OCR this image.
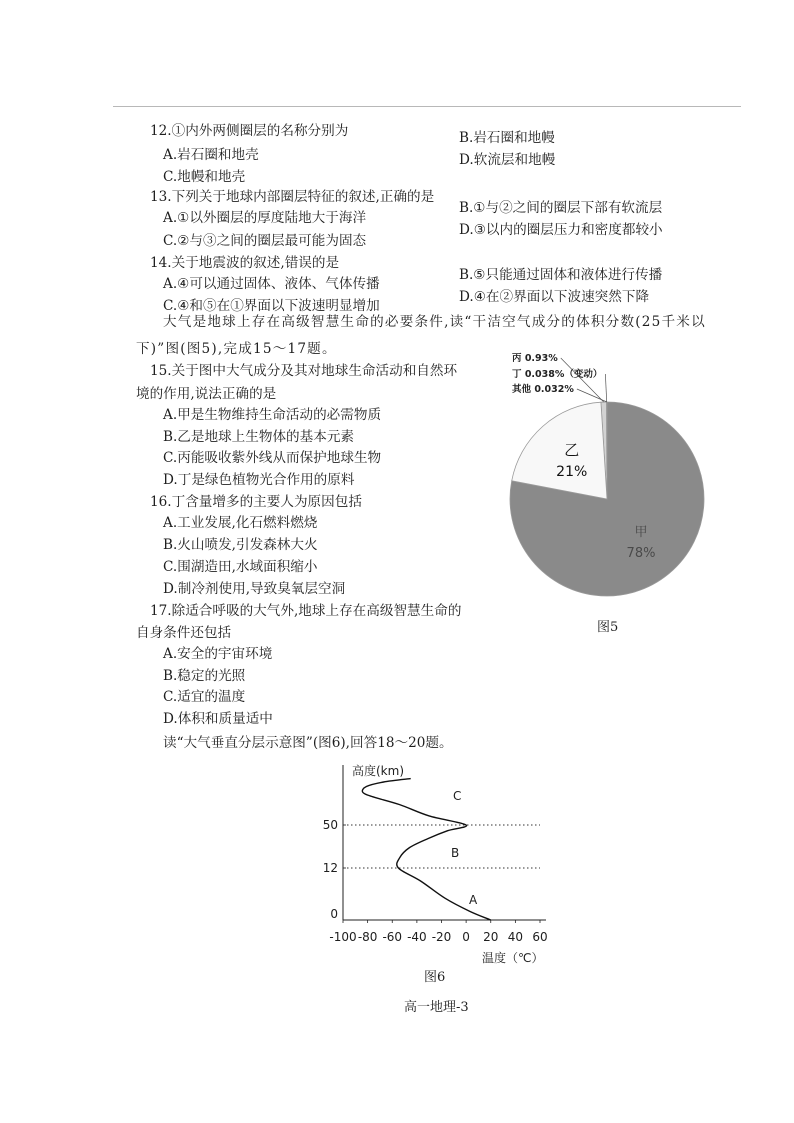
12.①内外两侧圈层的名称分别为
A.岩石圈和地壳
B.岩石圈和地幔
C.地幔和地壳
D.软流层和地幔
13.下列关于地球内部圈层特征的叙述,正确的是
A.①以外圈层的厚度陆地大于海洋
B.①与②之间的圈层下部有软流层
C.②与③之间的圈层最可能为固态
D.③以内的圈层压力和密度都较小
14.关于地震波的叙述,错误的是
A.④可以通过固体、液体、气体传播
B.⑤只能通过固体和液体进行传播
C.④和⑤在①界面以下波速明显增加
D.④在②界面以下波速突然下降
大气是地球上存在高级智慧生命的必要条件,读“干洁空气成分的体积分数(25千米以
下)”图(图5),完成15～17题。
15.关于图中大气成分及其对地球生命活动和自然环
境的作用,说法正确的是
A.甲是生物维持生命活动的必需物质
B.乙是地球上生物体的基本元素
C.丙能吸收紫外线从而保护地球生物
D.丁是绿色植物光合作用的原料
16.丁含量增多的主要人为原因包括
A.工业发展,化石燃料燃烧
B.火山喷发,引发森林大火
C.围湖造田,水域面积缩小
D.制冷剂使用,导致臭氧层空洞
17.除适合呼吸的大气外,地球上存在高级智慧生命的
自身条件还包括
A.安全的宇宙环境
B.稳定的光照
C.适宜的温度
D.体积和质量适中
读“大气垂直分层示意图”(图6),回答18～20题。
甲
78%
乙
21%
丙 0.93%
丁 0.038%（变动）
其他 0.032%
图5
高度(km)
温度（℃）
-100 -80 -60 -40 -20 0 20 40 60
0
12
50
A
B
C
图6
高一地理-3
